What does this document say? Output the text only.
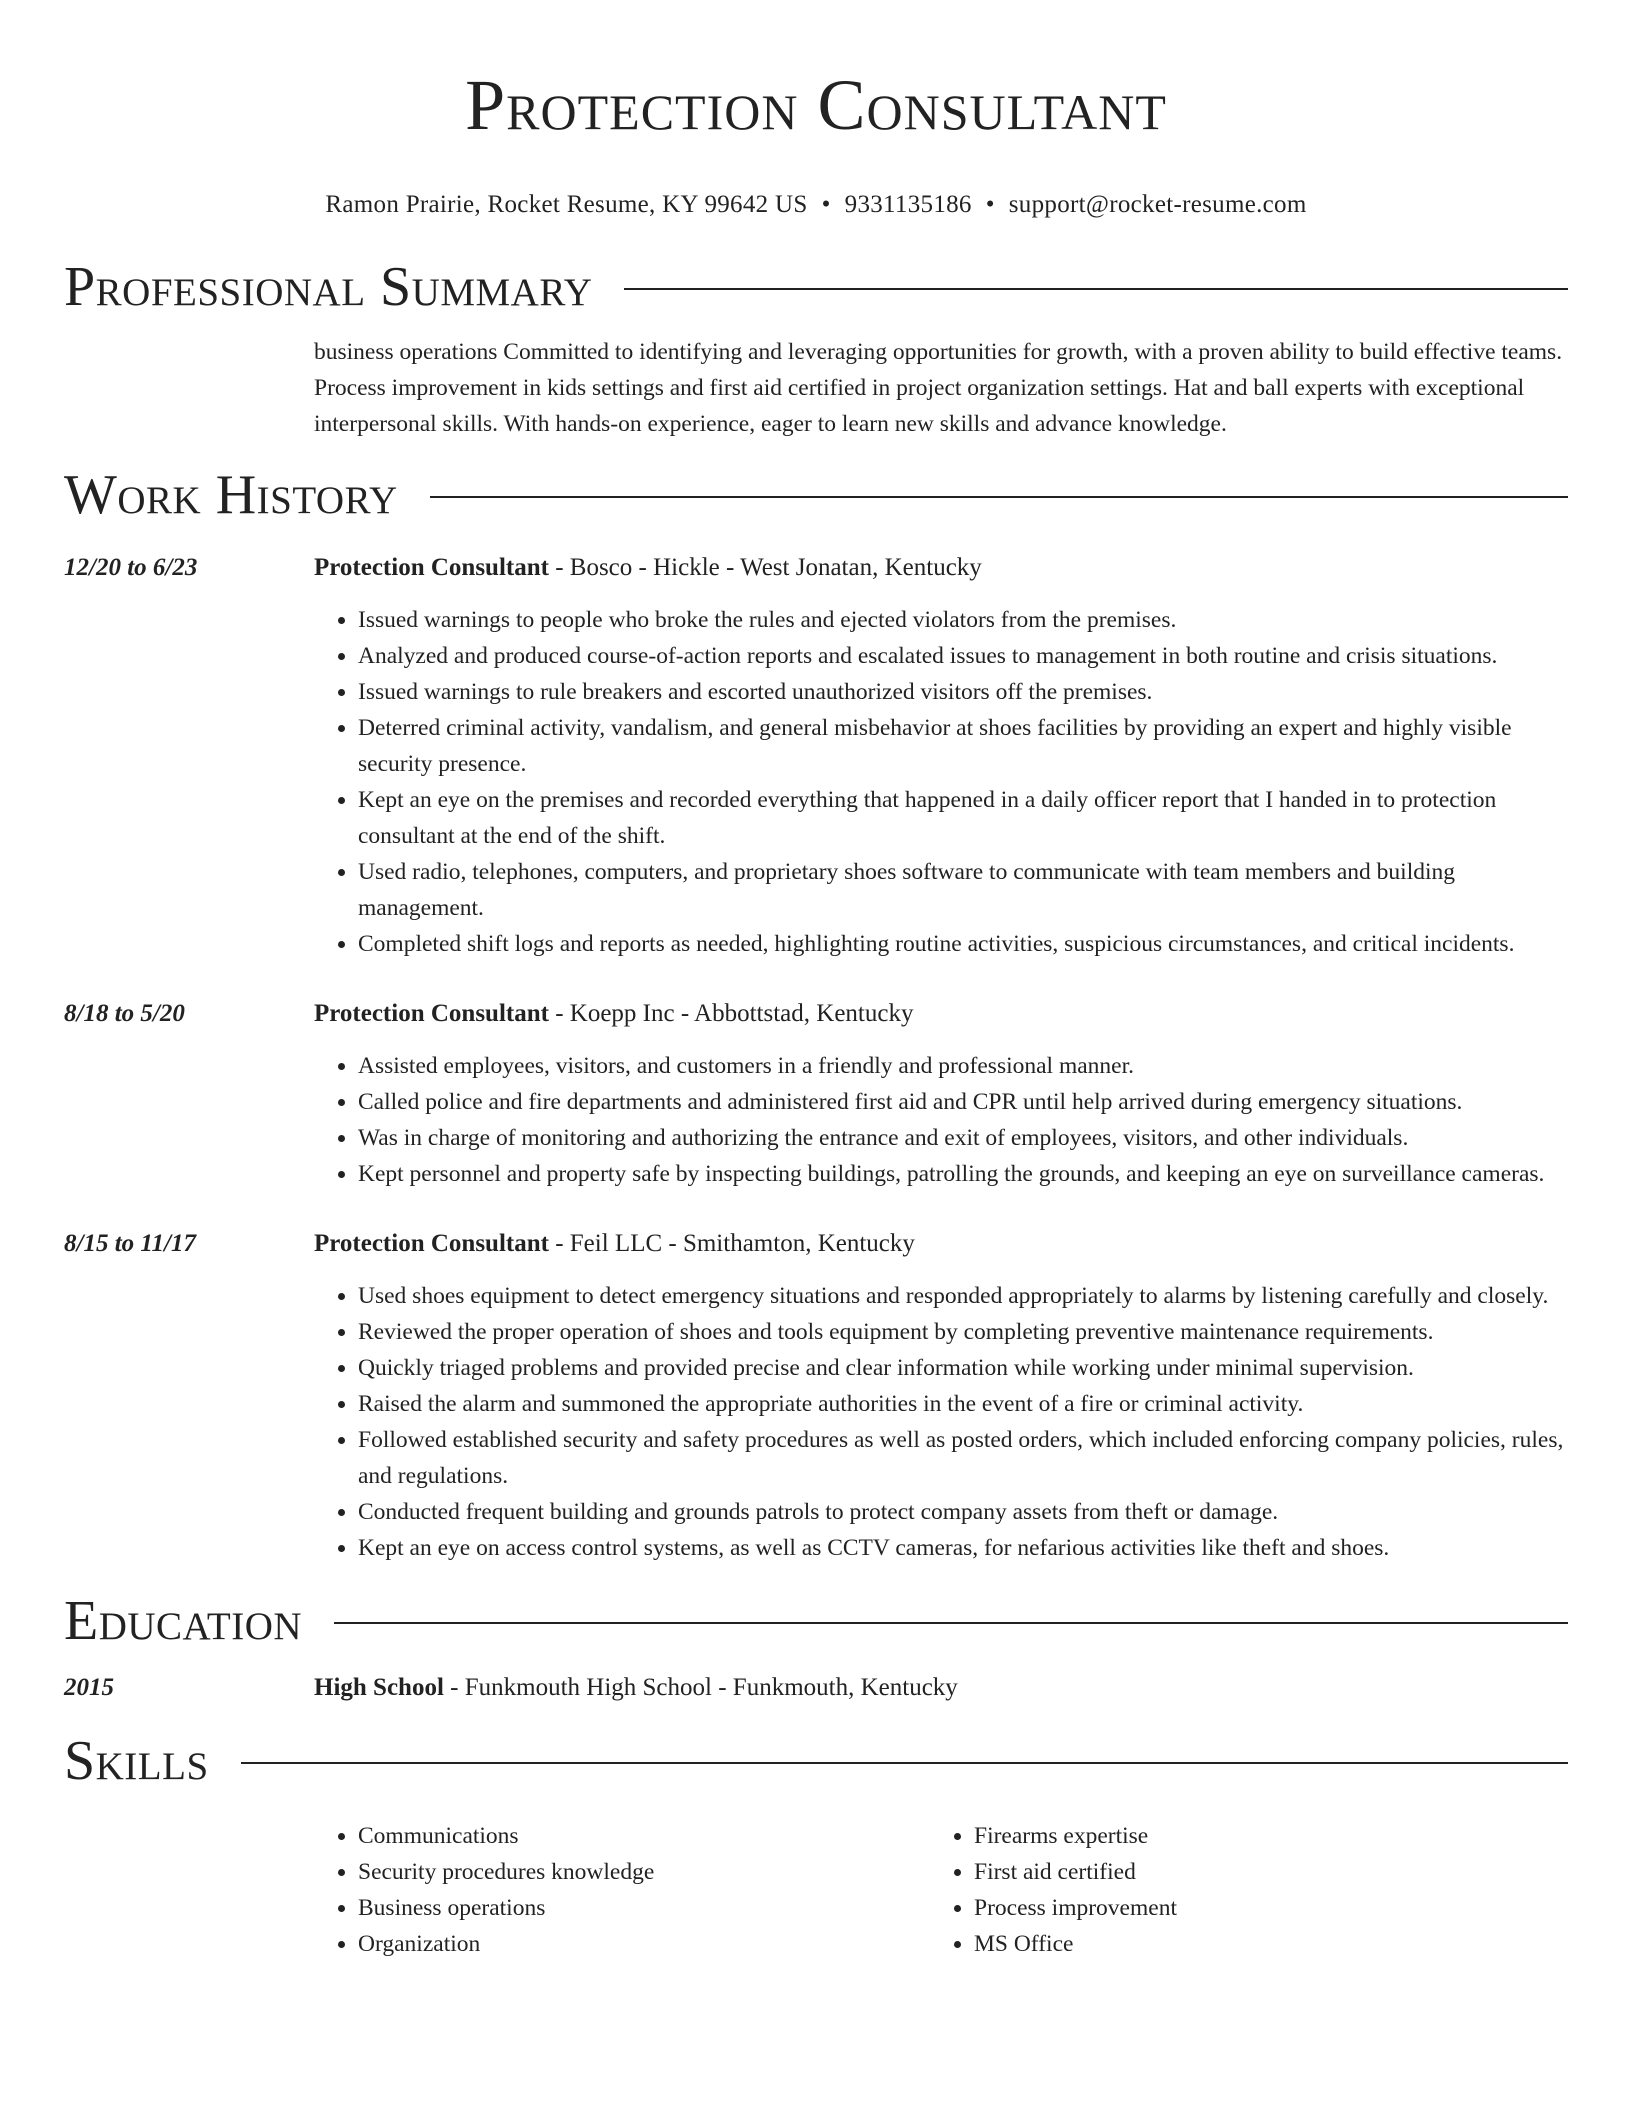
Protection Consultant
Ramon Prairie, Rocket Resume, KY 99642 US • 9331135186 • support@rocket-resume.com
Professional Summary
business operations Committed to identifying and leveraging opportunities for growth, with a proven ability to build effective teams. Process improvement in kids settings and first aid certified in project organization settings. Hat and ball experts with exceptional interpersonal skills. With hands-on experience, eager to learn new skills and advance knowledge.
Work History
12/20 to 6/23	Protection Consultant - Bosco - Hickle - West Jonatan, Kentucky
• Issued warnings to people who broke the rules and ejected violators from the premises.
• Analyzed and produced course-of-action reports and escalated issues to management in both routine and crisis situations.
• Issued warnings to rule breakers and escorted unauthorized visitors off the premises.
• Deterred criminal activity, vandalism, and general misbehavior at shoes facilities by providing an expert and highly visible security presence.
• Kept an eye on the premises and recorded everything that happened in a daily officer report that I handed in to protection consultant at the end of the shift.
• Used radio, telephones, computers, and proprietary shoes software to communicate with team members and building management.
• Completed shift logs and reports as needed, highlighting routine activities, suspicious circumstances, and critical incidents.
8/18 to 5/20	Protection Consultant - Koepp Inc - Abbottstad, Kentucky
• Assisted employees, visitors, and customers in a friendly and professional manner.
• Called police and fire departments and administered first aid and CPR until help arrived during emergency situations.
• Was in charge of monitoring and authorizing the entrance and exit of employees, visitors, and other individuals.
• Kept personnel and property safe by inspecting buildings, patrolling the grounds, and keeping an eye on surveillance cameras.
8/15 to 11/17	Protection Consultant - Feil LLC - Smithamton, Kentucky
• Used shoes equipment to detect emergency situations and responded appropriately to alarms by listening carefully and closely.
• Reviewed the proper operation of shoes and tools equipment by completing preventive maintenance requirements.
• Quickly triaged problems and provided precise and clear information while working under minimal supervision.
• Raised the alarm and summoned the appropriate authorities in the event of a fire or criminal activity.
• Followed established security and safety procedures as well as posted orders, which included enforcing company policies, rules, and regulations.
• Conducted frequent building and grounds patrols to protect company assets from theft or damage.
• Kept an eye on access control systems, as well as CCTV cameras, for nefarious activities like theft and shoes.
Education
2015	High School - Funkmouth High School - Funkmouth, Kentucky
Skills
• Communications
• Security procedures knowledge
• Business operations
• Organization
• Firearms expertise
• First aid certified
• Process improvement
• MS Office
